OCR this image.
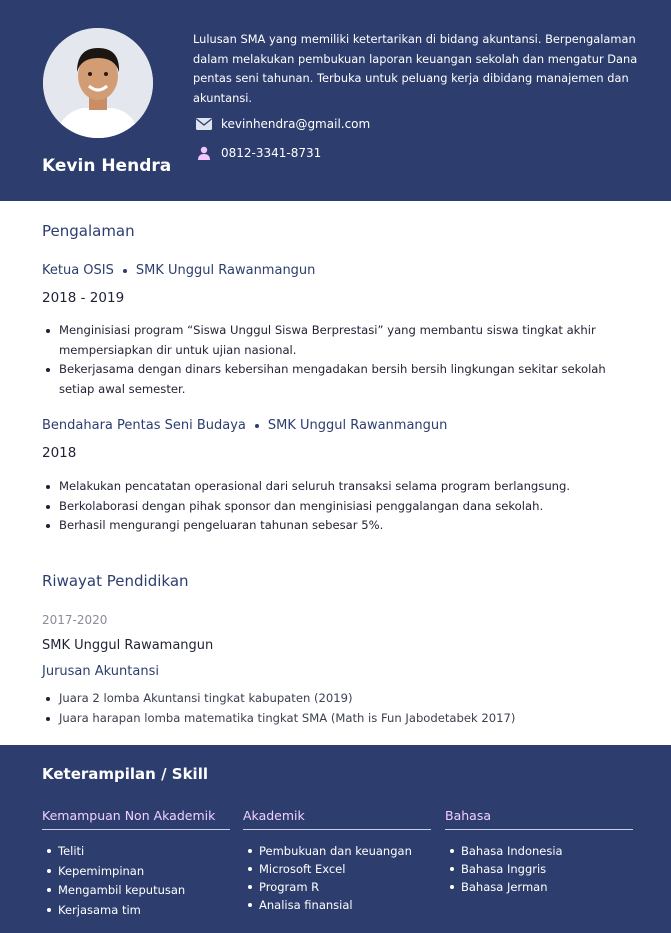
Kevin Hendra
Lulusan SMA yang memiliki ketertarikan di bidang akuntansi. Berpengalaman dalam melakukan pembukuan laporan keuangan sekolah dan mengatur Dana pentas seni tahunan. Terbuka untuk peluang kerja dibidang manajemen dan akuntansi.
kevinhendra@gmail.com
0812-3341-8731
Pengalaman
Ketua OSIS SMK Unggul Rawanmangun
2018 - 2019
Menginisiasi program “Siswa Unggul Siswa Berprestasi” yang membantu siswa tingkat akhir mempersiapkan dir untuk ujian nasional.
Bekerjasama dengan dinars kebersihan mengadakan bersih bersih lingkungan sekitar sekolah setiap awal semester.
Bendahara Pentas Seni Budaya SMK Unggul Rawanmangun
2018
Melakukan pencatatan operasional dari seluruh transaksi selama program berlangsung.
Berkolaborasi dengan pihak sponsor dan menginisiasi penggalangan dana sekolah.
Berhasil mengurangi pengeluaran tahunan sebesar 5%.
Riwayat Pendidikan
2017-2020
SMK Unggul Rawamangun
Jurusan Akuntansi
Juara 2 lomba Akuntansi tingkat kabupaten (2019)
Juara harapan lomba matematika tingkat SMA (Math is Fun Jabodetabek 2017)
Keterampilan / Skill
Kemampuan Non Akademik
Teliti
Kepemimpinan
Mengambil keputusan
Kerjasama tim
Akademik
Pembukuan dan keuangan
Microsoft Excel
Program R
Analisa finansial
Bahasa
Bahasa Indonesia
Bahasa Inggris
Bahasa Jerman
